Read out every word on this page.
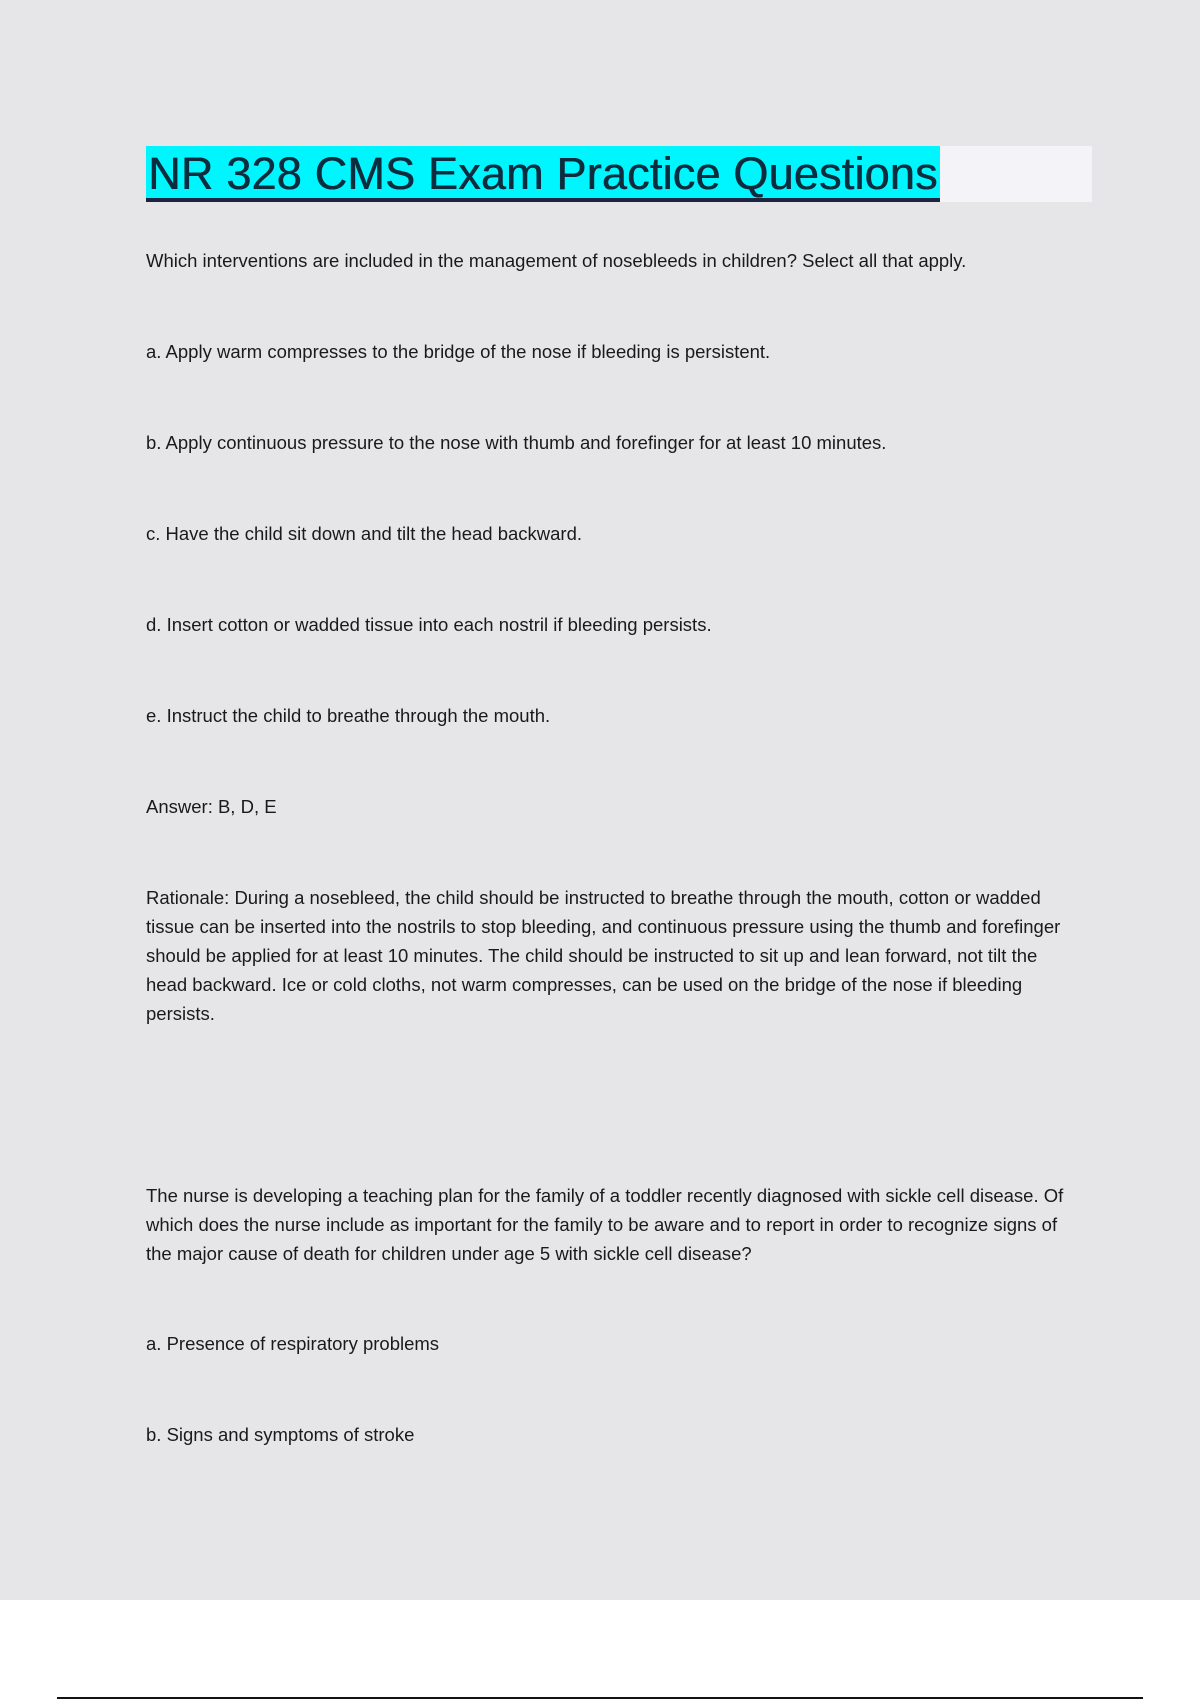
NR 328 CMS Exam Practice Questions

Which interventions are included in the management of nosebleeds in children? Select all that apply.

a. Apply warm compresses to the bridge of the nose if bleeding is persistent.

b. Apply continuous pressure to the nose with thumb and forefinger for at least 10 minutes.

c. Have the child sit down and tilt the head backward.

d. Insert cotton or wadded tissue into each nostril if bleeding persists.

e. Instruct the child to breathe through the mouth.

Answer: B, D, E

Rationale: During a nosebleed, the child should be instructed to breathe through the mouth, cotton or wadded tissue can be inserted into the nostrils to stop bleeding, and continuous pressure using the thumb and forefinger should be applied for at least 10 minutes. The child should be instructed to sit up and lean forward, not tilt the head backward. Ice or cold cloths, not warm compresses, can be used on the bridge of the nose if bleeding persists.

The nurse is developing a teaching plan for the family of a toddler recently diagnosed with sickle cell disease. Of which does the nurse include as important for the family to be aware and to report in order to recognize signs of the major cause of death for children under age 5 with sickle cell disease?

a. Presence of respiratory problems

b. Signs and symptoms of stroke
